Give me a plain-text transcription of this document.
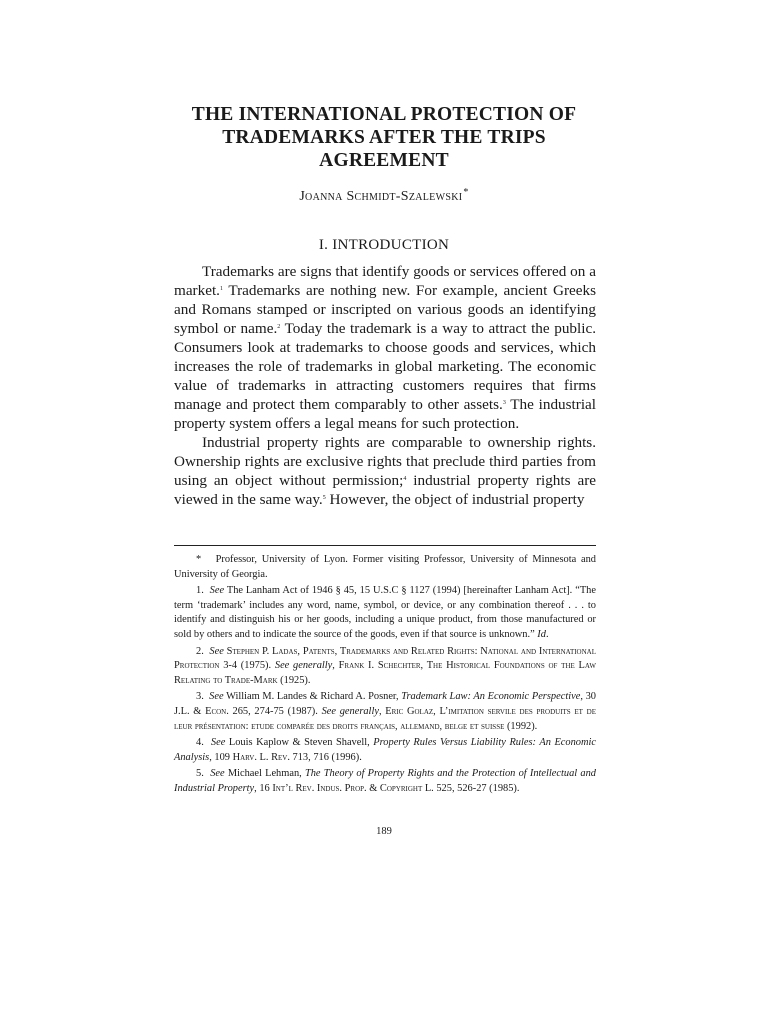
THE INTERNATIONAL PROTECTION OF
TRADEMARKS AFTER THE TRIPS
AGREEMENT
Joanna Schmidt-Szalewski*
I. INTRODUCTION

Trademarks are signs that identify goods or services offered on a market.$^1$ Trademarks are nothing new. For example, ancient Greeks and Romans stamped or inscripted on various goods an identifying symbol or name.$^2$ Today the trademark is a way to attract the public. Consumers look at trademarks to choose goods and services, which increases the role of trademarks in global marketing. The economic value of trademarks in attracting customers requires that firms manage and protect them comparably to other assets.$^3$ The industrial property system offers a legal means for such protection.

Industrial property rights are comparable to ownership rights. Ownership rights are exclusive rights that preclude third parties from using an object without permission;$^4$ industrial property rights are viewed in the same way.$^5$ However, the object of industrial property

* Professor, University of Lyon. Former visiting Professor, University of Minnesota and University of Georgia.

1. See The Lanham Act of 1946 § 45, 15 U.S.C § 1127 (1994) [hereinafter Lanham Act]. “The term ‘trademark’ includes any word, name, symbol, or device, or any combination thereof . . . to identify and distinguish his or her goods, including a unique product, from those manufactured or sold by others and to indicate the source of the goods, even if that source is unknown.” Id.

2. See Stephen P. Ladas, Patents, Trademarks and Related Rights: National and International Protection 3-4 (1975). See generally, Frank I. Schechter, The Historical Foundations of the Law Relating to Trade-Mark (1925).

3. See William M. Landes & Richard A. Posner, Trademark Law: An Economic Perspective, 30 J.L. & Econ. 265, 274-75 (1987). See generally, Eric Golaz, L’imitation servile des produits et de leur présentation: etude comparée des droits français, allemand, belge et suisse (1992).

4. See Louis Kaplow & Steven Shavell, Property Rules Versus Liability Rules: An Economic Analysis, 109 Harv. L. Rev. 713, 716 (1996).

5. See Michael Lehman, The Theory of Property Rights and the Protection of Intellectual and Industrial Property, 16 Int’l Rev. Indus. Prop. & Copyright L. 525, 526-27 (1985).

189
